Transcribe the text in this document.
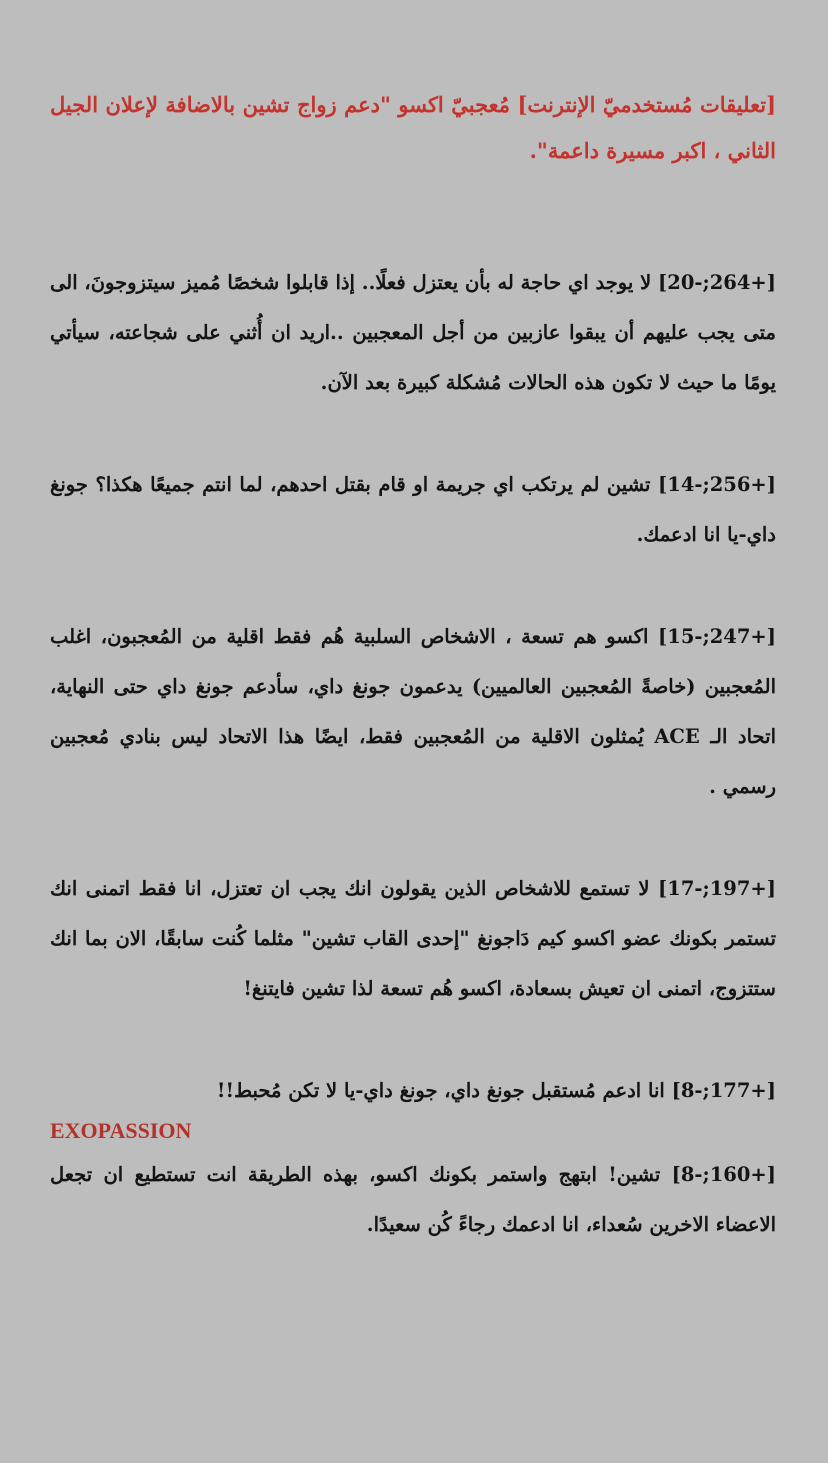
[تعليقات مُستخدميّ الإنترنت] مُعجبيّ اكسو "دعم زواج تشين بالاضافة لإعلان الجيل الثاني ، اكبر مسيرة داعمة".

[+264;-20] لا يوجد اي حاجة له بأن يعتزل فعلًا.. إذا قابلوا شخصًا مُميز سيتزوجونَ، الى متى يجب عليهم أن يبقوا عازبين من أجل المعجبين ..اريد ان أُثني على شجاعته، سيأتي يومًا ما حيث لا تكون هذه الحالات مُشكلة كبيرة بعد الآن.

[+256;-14] تشين لم يرتكب اي جريمة او قام بقتل احدهم، لما انتم جميعًا هكذا؟ جونغ داي-يا انا ادعمك.

[+247;-15] اكسو هم تسعة ، الاشخاص السلبية هُم فقط اقلية من المُعجبون، اغلب المُعجبين (خاصةً المُعجبين العالميين) يدعمون جونغ داي، سأدعم جونغ داي حتى النهاية، اتحاد الـ ACE يُمثلون الاقلية من المُعجبين فقط، ايضًا هذا الاتحاد ليس بنادي مُعجبين رسمي .

[+197;-17] لا تستمع للاشخاص الذين يقولون انك يجب ان تعتزل، انا فقط اتمنى انك تستمر بكونك عضو اكسو كيم دَاجونغ "إحدى القاب تشين" مثلما كُنت سابقًا، الان بما انك ستتزوج، اتمنى ان تعيش بسعادة، اكسو هُم تسعة لذا تشين فايتنغ!

[+177;-8] انا ادعم مُستقبل جونغ داي، جونغ داي-يا لا تكن مُحبط!!

EXOPASSION

[+160;-8] تشين! ابتهج واستمر بكونك اكسو، بهذه الطريقة انت تستطيع ان تجعل الاعضاء الاخرين سُعداء، انا ادعمك رجاءً كُن سعيدًا.
